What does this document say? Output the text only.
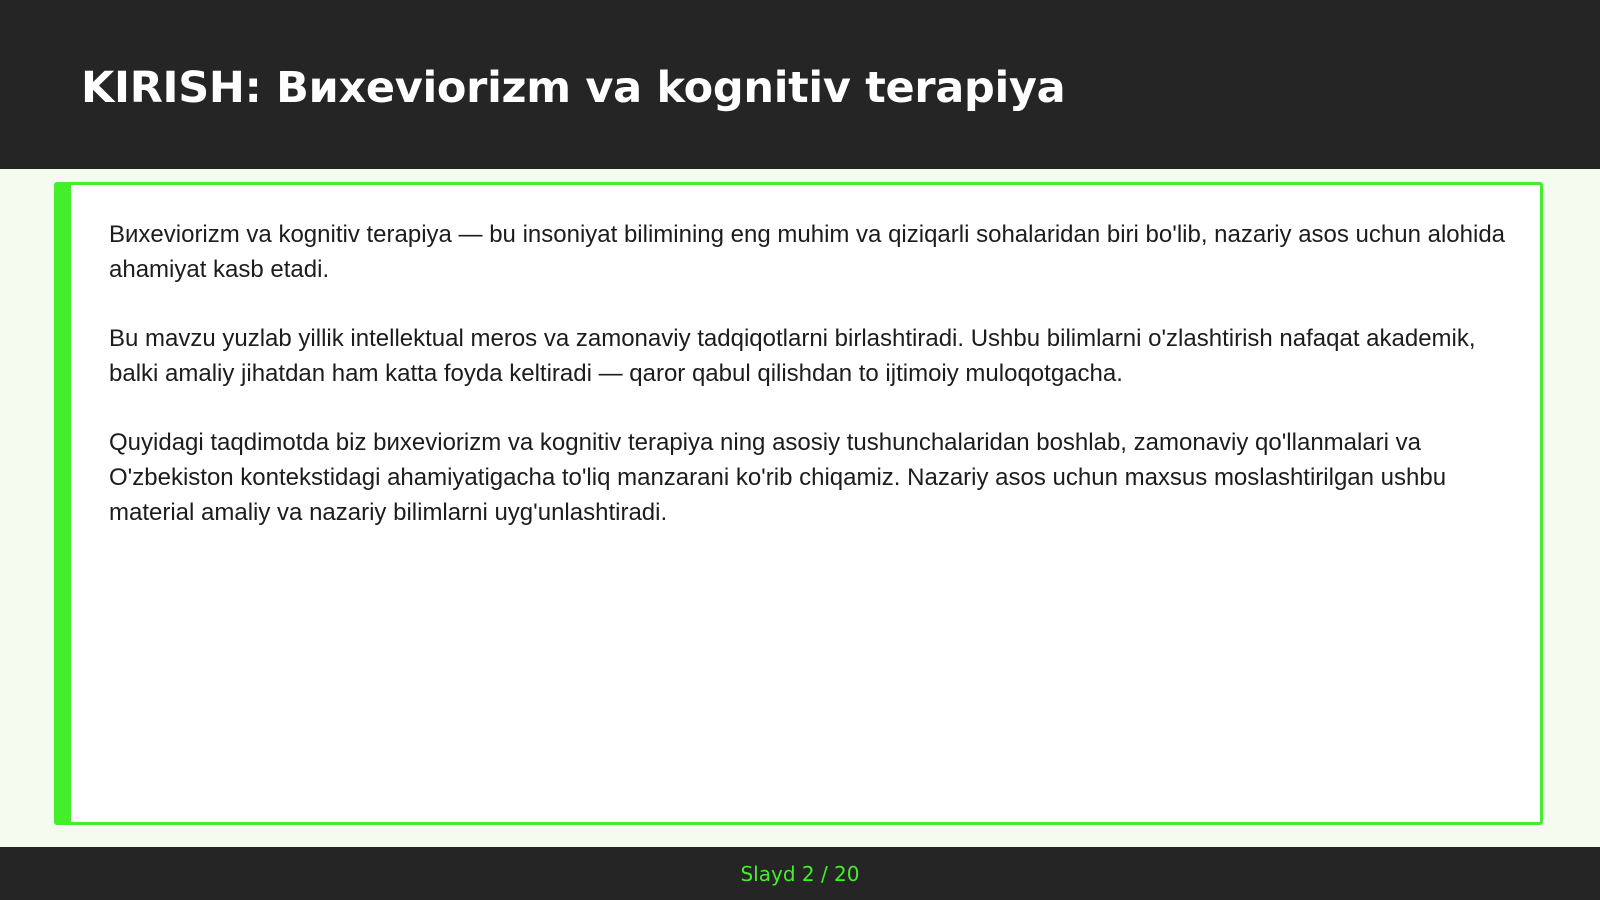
KIRISH: Bиxeviorizm va kognitiv terapiya

Bиxeviorizm va kognitiv terapiya — bu insoniyat bilimining eng muhim va qiziqarli sohalaridan biri bo'lib, nazariy asos uchun alohida ahamiyat kasb etadi.

Bu mavzu yuzlab yillik intellektual meros va zamonaviy tadqiqotlarni birlashtiradi. Ushbu bilimlarni o'zlashtirish nafaqat akademik, balki amaliy jihatdan ham katta foyda keltiradi — qaror qabul qilishdan to ijtimoiy muloqotgacha.

Quyidagi taqdimotda biz bиxeviorizm va kognitiv terapiya ning asosiy tushunchalaridan boshlab, zamonaviy qo'llanmalari va O'zbekiston kontekstidagi ahamiyatigacha to'liq manzarani ko'rib chiqamiz. Nazariy asos uchun maxsus moslashtirilgan ushbu material amaliy va nazariy bilimlarni uyg'unlashtiradi.

Slayd 2 / 20
